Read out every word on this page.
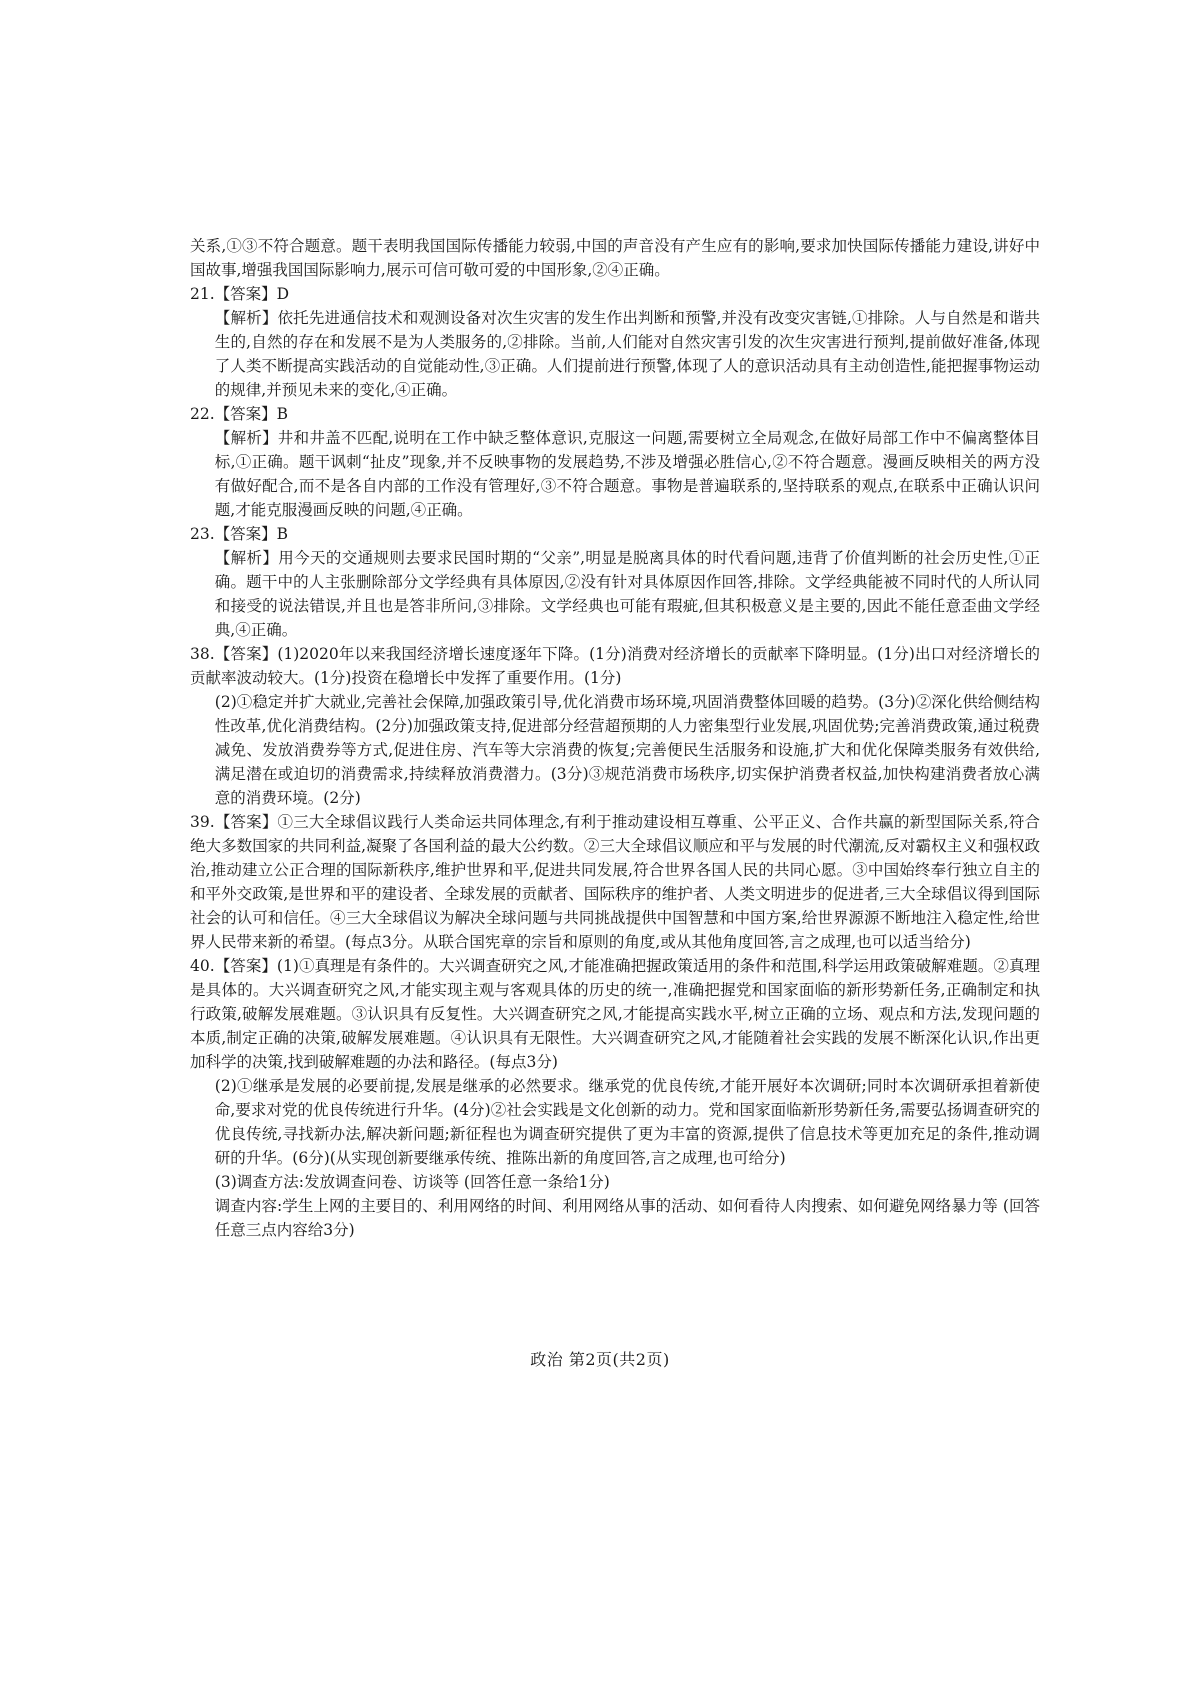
关系,①③不符合题意。题干表明我国国际传播能力较弱,中国的声音没有产生应有的影响,要求加快国际传播能力建设,讲好中国故事,增强我国国际影响力,展示可信可敬可爱的中国形象,②④正确。

21.【答案】D

【解析】依托先进通信技术和观测设备对次生灾害的发生作出判断和预警,并没有改变灾害链,①排除。人与自然是和谐共生的,自然的存在和发展不是为人类服务的,②排除。当前,人们能对自然灾害引发的次生灾害进行预判,提前做好准备,体现了人类不断提高实践活动的自觉能动性,③正确。人们提前进行预警,体现了人的意识活动具有主动创造性,能把握事物运动的规律,并预见未来的变化,④正确。

22.【答案】B

【解析】井和井盖不匹配,说明在工作中缺乏整体意识,克服这一问题,需要树立全局观念,在做好局部工作中不偏离整体目标,①正确。题干讽刺“扯皮”现象,并不反映事物的发展趋势,不涉及增强必胜信心,②不符合题意。漫画反映相关的两方没有做好配合,而不是各自内部的工作没有管理好,③不符合题意。事物是普遍联系的,坚持联系的观点,在联系中正确认识问题,才能克服漫画反映的问题,④正确。

23.【答案】B

【解析】用今天的交通规则去要求民国时期的“父亲”,明显是脱离具体的时代看问题,违背了价值判断的社会历史性,①正确。题干中的人主张删除部分文学经典有具体原因,②没有针对具体原因作回答,排除。文学经典能被不同时代的人所认同和接受的说法错误,并且也是答非所问,③排除。文学经典也可能有瑕疵,但其积极意义是主要的,因此不能任意歪曲文学经典,④正确。

38.【答案】(1)2020年以来我国经济增长速度逐年下降。(1分)消费对经济增长的贡献率下降明显。(1分)出口对经济增长的贡献率波动较大。(1分)投资在稳增长中发挥了重要作用。(1分)

(2)①稳定并扩大就业,完善社会保障,加强政策引导,优化消费市场环境,巩固消费整体回暖的趋势。(3分)②深化供给侧结构性改革,优化消费结构。(2分)加强政策支持,促进部分经营超预期的人力密集型行业发展,巩固优势;完善消费政策,通过税费减免、发放消费券等方式,促进住房、汽车等大宗消费的恢复;完善便民生活服务和设施,扩大和优化保障类服务有效供给,满足潜在或迫切的消费需求,持续释放消费潜力。(3分)③规范消费市场秩序,切实保护消费者权益,加快构建消费者放心满意的消费环境。(2分)

39.【答案】①三大全球倡议践行人类命运共同体理念,有利于推动建设相互尊重、公平正义、合作共赢的新型国际关系,符合绝大多数国家的共同利益,凝聚了各国利益的最大公约数。②三大全球倡议顺应和平与发展的时代潮流,反对霸权主义和强权政治,推动建立公正合理的国际新秩序,维护世界和平,促进共同发展,符合世界各国人民的共同心愿。③中国始终奉行独立自主的和平外交政策,是世界和平的建设者、全球发展的贡献者、国际秩序的维护者、人类文明进步的促进者,三大全球倡议得到国际社会的认可和信任。④三大全球倡议为解决全球问题与共同挑战提供中国智慧和中国方案,给世界源源不断地注入稳定性,给世界人民带来新的希望。(每点3分。从联合国宪章的宗旨和原则的角度,或从其他角度回答,言之成理,也可以适当给分)

40.【答案】(1)①真理是有条件的。大兴调查研究之风,才能准确把握政策适用的条件和范围,科学运用政策破解难题。②真理是具体的。大兴调查研究之风,才能实现主观与客观具体的历史的统一,准确把握党和国家面临的新形势新任务,正确制定和执行政策,破解发展难题。③认识具有反复性。大兴调查研究之风,才能提高实践水平,树立正确的立场、观点和方法,发现问题的本质,制定正确的决策,破解发展难题。④认识具有无限性。大兴调查研究之风,才能随着社会实践的发展不断深化认识,作出更加科学的决策,找到破解难题的办法和路径。(每点3分)

(2)①继承是发展的必要前提,发展是继承的必然要求。继承党的优良传统,才能开展好本次调研;同时本次调研承担着新使命,要求对党的优良传统进行升华。(4分)②社会实践是文化创新的动力。党和国家面临新形势新任务,需要弘扬调查研究的优良传统,寻找新办法,解决新问题;新征程也为调查研究提供了更为丰富的资源,提供了信息技术等更加充足的条件,推动调研的升华。(6分)(从实现创新要继承传统、推陈出新的角度回答,言之成理,也可给分)

(3)调查方法:发放调查问卷、访谈等 (回答任意一条给1分)

调查内容:学生上网的主要目的、利用网络的时间、利用网络从事的活动、如何看待人肉搜索、如何避免网络暴力等 (回答任意三点内容给3分)

政治 第2页(共2页)
